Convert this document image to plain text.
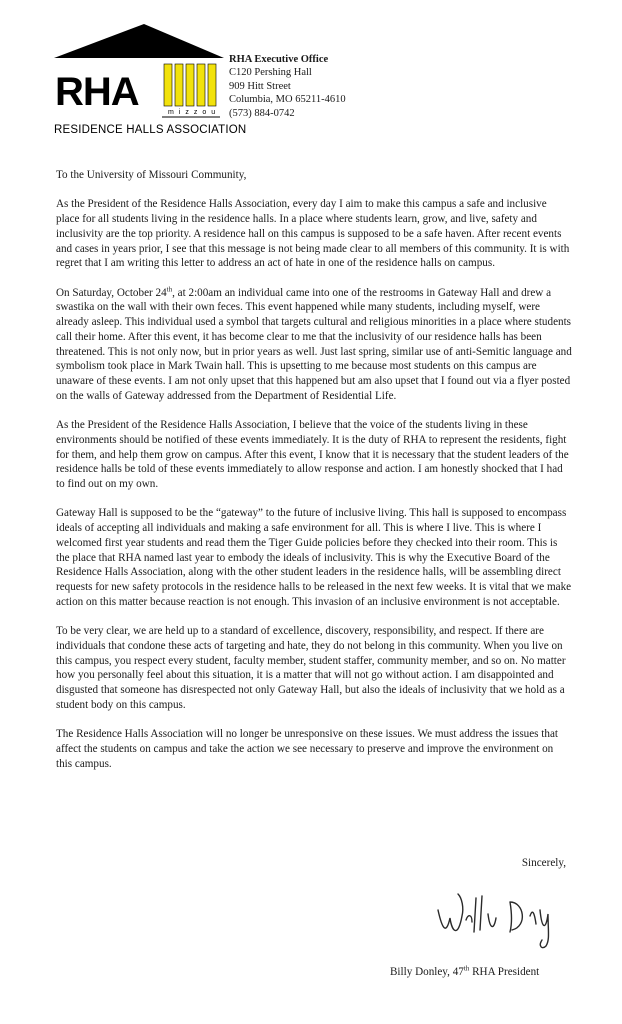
RHA	mizzou
RESIDENCE HALLS ASSOCIATION
RHA Executive Office
C120 Pershing Hall
909 Hitt Street
Columbia, MO 65211-4610
(573) 884-0742

To the University of Missouri Community,

As the President of the Residence Halls Association, every day I aim to make this campus a safe and inclusive place for all students living in the residence halls. In a place where students learn, grow, and live, safety and inclusivity are the top priority. A residence hall on this campus is supposed to be a safe haven. After recent events and cases in years prior, I see that this message is not being made clear to all members of this community. It is with regret that I am writing this letter to address an act of hate in one of the residence halls on campus.

On Saturday, October 24th, at 2:00am an individual came into one of the restrooms in Gateway Hall and drew a swastika on the wall with their own feces. This event happened while many students, including myself, were already asleep. This individual used a symbol that targets cultural and religious minorities in a place where students call their home. After this event, it has become clear to me that the inclusivity of our residence halls has been threatened. This is not only now, but in prior years as well. Just last spring, similar use of anti-Semitic language and symbolism took place in Mark Twain hall. This is upsetting to me because most students on this campus are unaware of these events. I am not only upset that this happened but am also upset that I found out via a flyer posted on the walls of Gateway addressed from the Department of Residential Life.

As the President of the Residence Halls Association, I believe that the voice of the students living in these environments should be notified of these events immediately. It is the duty of RHA to represent the residents, fight for them, and help them grow on campus. After this event, I know that it is necessary that the student leaders of the residence halls be told of these events immediately to allow response and action. I am honestly shocked that I had to find out on my own.

Gateway Hall is supposed to be the “gateway” to the future of inclusive living. This hall is supposed to encompass ideals of accepting all individuals and making a safe environment for all. This is where I live. This is where I welcomed first year students and read them the Tiger Guide policies before they checked into their room. This is the place that RHA named last year to embody the ideals of inclusivity. This is why the Executive Board of the Residence Halls Association, along with the other student leaders in the residence halls, will be assembling direct requests for new safety protocols in the residence halls to be released in the next few weeks. It is vital that we make action on this matter because reaction is not enough. This invasion of an inclusive environment is not acceptable.

To be very clear, we are held up to a standard of excellence, discovery, responsibility, and respect. If there are individuals that condone these acts of targeting and hate, they do not belong in this community. When you live on this campus, you respect every student, faculty member, student staffer, community member, and so on. No matter how you personally feel about this situation, it is a matter that will not go without action. I am disappointed and disgusted that someone has disrespected not only Gateway Hall, but also the ideals of inclusivity that we hold as a student body on this campus.

The Residence Halls Association will no longer be unresponsive on these issues. We must address the issues that affect the students on campus and take the action we see necessary to preserve and improve the environment on this campus.

Sincerely,
Billy Donley, 47th RHA President
